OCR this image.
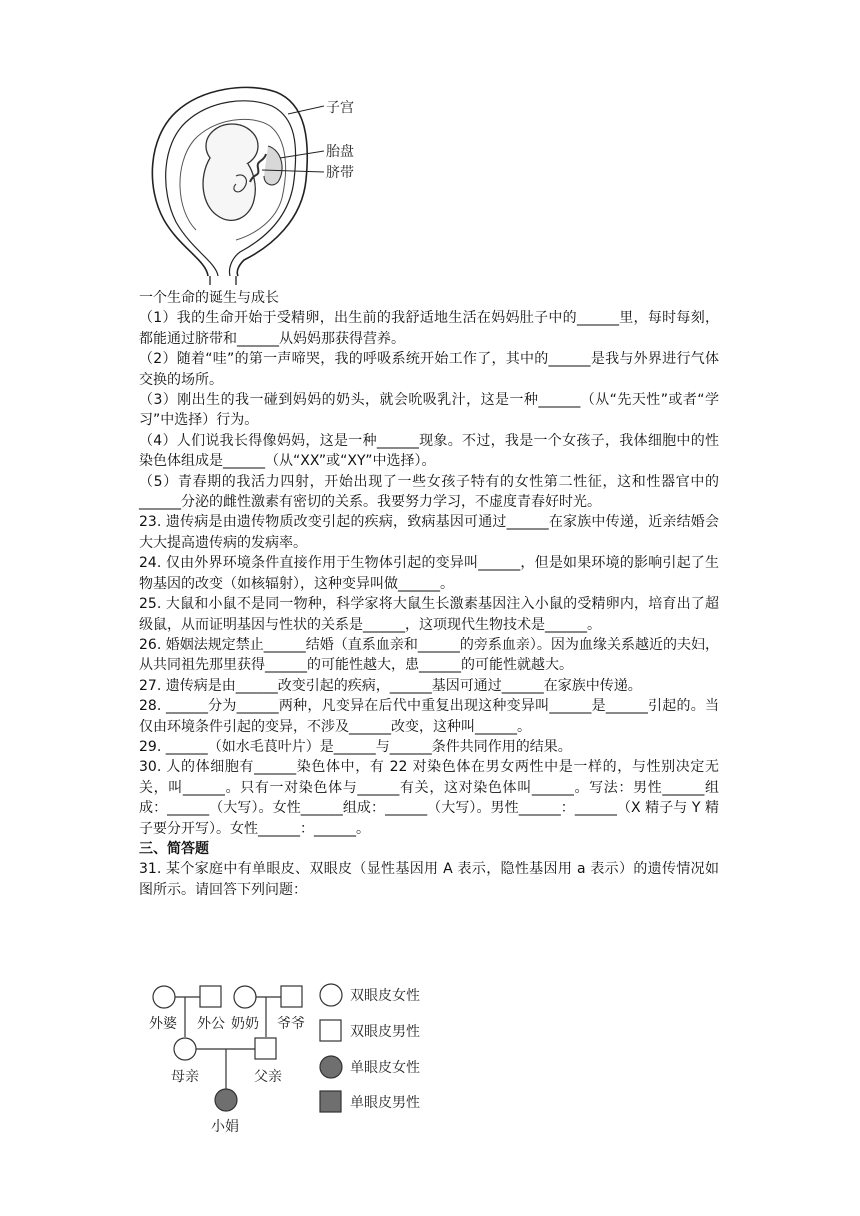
子宫
胎盘
脐带

一个生命的诞生与成长

（1）我的生命开始于受精卵，出生前的我舒适地生活在妈妈肚子中的______里，每时每刻，都能通过脐带和______从妈妈那获得营养。

（2）随着“哇”的第一声啼哭，我的呼吸系统开始工作了，其中的______是我与外界进行气体交换的场所。

（3）刚出生的我一碰到妈妈的奶头，就会吮吸乳汁，这是一种______（从“先天性”或者“学习”中选择）行为。

（4）人们说我长得像妈妈，这是一种______现象。不过，我是一个女孩子，我体细胞中的性染色体组成是______（从“XX”或“XY”中选择）。

（5）青春期的我活力四射，开始出现了一些女孩子特有的女性第二性征，这和性器官中的______分泌的雌性激素有密切的关系。我要努力学习，不虚度青春好时光。

23. 遗传病是由遗传物质改变引起的疾病，致病基因可通过______在家族中传递，近亲结婚会大大提高遗传病的发病率。

24. 仅由外界环境条件直接作用于生物体引起的变异叫______，但是如果环境的影响引起了生物基因的改变（如核辐射），这种变异叫做______。

25. 大鼠和小鼠不是同一物种，科学家将大鼠生长激素基因注入小鼠的受精卵内，培育出了超级鼠，从而证明基因与性状的关系是______，这项现代生物技术是______。

26. 婚姻法规定禁止______结婚（直系血亲和______的旁系血亲）。因为血缘关系越近的夫妇，从共同祖先那里获得______的可能性越大，患______的可能性就越大。

27. 遗传病是由______改变引起的疾病，______基因可通过______在家族中传递。

28. ______分为______两种，凡变异在后代中重复出现这种变异叫______是______引起的。当仅由环境条件引起的变异，不涉及______改变，这种叫______。

29. ______（如水毛茛叶片）是______与______条件共同作用的结果。

30. 人的体细胞有______染色体中，有 22 对染色体在男女两性中是一样的，与性别决定无关，叫______。只有一对染色体与______有关，这对染色体叫______。写法：男性______组成：______（大写）。女性______组成：______（大写）。男性______：______（X 精子与 Y 精子要分开写）。女性______：______。

三、简答题

31. 某个家庭中有单眼皮、双眼皮（显性基因用 A 表示，隐性基因用 a 表示）的遗传情况如图所示。请回答下列问题：

外婆 外公 奶奶 爷爷
母亲	父亲
小娟
双眼皮女性
双眼皮男性
单眼皮女性
单眼皮男性
